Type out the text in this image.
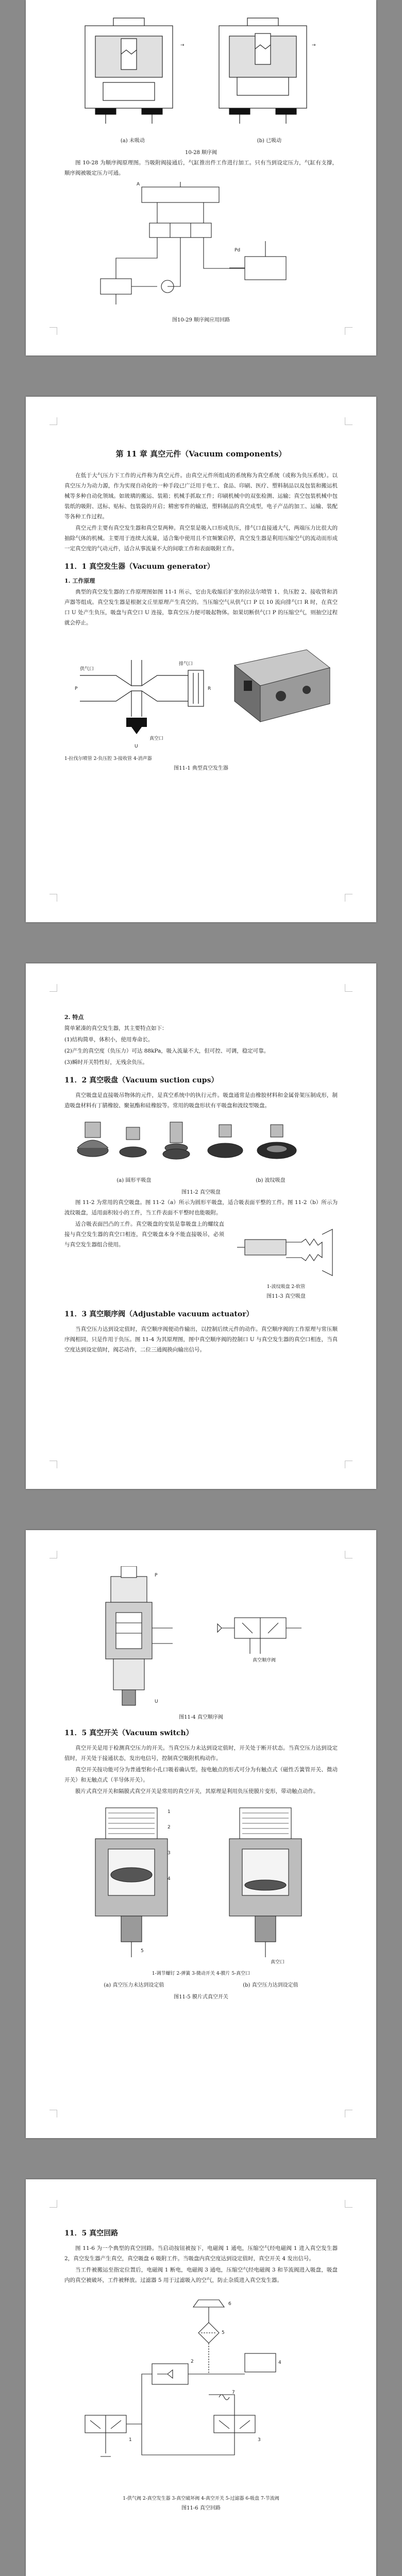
→	→
(a) 未吸动	(b) 已吸动
10-28 顺序阀

图 10-28 为顺序阀原理图。当吸附阀接通后，气缸推出件工作进行加工。只有当到设定压力，气缸有支撑，顺序阀被吸定压力可通。

A
Pd
图10-29 顺序阀应用回路
第 11 章 真空元件（Vacuum components）

在低于大气压力下工作的元件称为真空元件。由真空元件所组成的系统称为真空系统（或称为负压系统）。以真空压力为动力源，作为实现自动化的一种手段已广泛用于电工、食品、印刷、医疗、塑料制品以及包装和搬运机械等多种自动化领域。如玻璃的搬运、装箱；机械手抓取工件；印刷机械中的双张检测、运输；真空包装机械中包装纸的吸附、送标、贴标、包装袋的开启；精密零件的输送，塑料制品的真空成型，电子产品的加工、运输、装配等各种工作过程。

真空元件主要有真空发生器和真空泵两种。真空泵是吸入口形成负压，排气口直接通大气，两端压力比很大的抽除气体的机械。主要用于连续大流量，适合集中使用且不宜频繁启停，真空发生器是利用压缩空气的流动而形成一定真空度的气动元件，适合从事流量不大的间歇工作和表面吸附工作。

11．1 真空发生器（Vacuum generator）
1. 工作原理

典型的真空发生器的工作原理图如图 11-1 所示，它由先收缩后扩张的拉法尔喷管 1、负压腔 2、接收管和消声器等组成。真空发生器是根据文丘里原理产生真空的。当压缩空气从供气口 P 以 10 流向排气口 R 时，在真空口 U 处产生负压，吸盘与真空口 U 连接，靠真空压力便可吸起物体。如果切断供气口 P 的压缩空气，则抽空过程就会停止。

供气口
排气口
真空口
P	R
U
1-拉伐尔喷管 2-负压腔 3-接收管 4-消声器
图11-1 典型真空发生器
2. 特点

简单紧凑的真空发生器，其主要特点如下：

(1)结构简单，体积小，使用寿命长。

(2)产生的真空度（负压力）可达 88kPa，吸入流量不大，但可控、可调，稳定可靠。

(3)瞬时开关特性好，无残余负压。

11．2 真空吸盘（Vacuum suction cups）

真空吸盘是直接吸吊物体的元件，是真空系统中的执行元件。吸盘通常是由橡胶材料和金属骨架压制成形，制造吸盘材料有丁腈橡胶、聚氨酯和硅橡胶等。常用的吸盘形状有平吸盘和波纹型吸盘。

(a) 圆形平吸盘	(b) 波纹吸盘
图11-2 真空吸盘

图 11-2 为常用的真空吸盘。图 11-2（a）所示为圆形平吸盘，适合吸表面平整的工件。图 11-2（b）所示为波纹吸盘，适用面积较小的工件，当工件表面不平整时也能吸附。

适合吸表面凹凸的工件。真空吸盘的安装是靠吸盘上的螺纹直接与真空发生器的真空口相连，真空吸盘本身不能直接吸吊，必须与真空发生器组合使用。

1-波纹吸盘 2-软管
图11-3 真空吸盘
11．3 真空顺序阀（Adjustable vacuum actuator）

当真空压力达到设定值时，真空顺序阀便动作输出，以控制后续元件的动作。真空顺序阀的工作原理与常压顺序阀相同，只是作用于负压。图 11-4 为其原理图，图中真空顺序阀的控制口 U 与真空发生器的真空口相连，当真空度达到设定值时，阀芯动作，二位三通阀换向输出信号。

P
U
真空顺序阀
图11-4 真空顺序阀
11．5 真空开关（Vacuum switch）

真空开关是用于检测真空压力的开关。当真空压力未达到设定值时，开关处于断开状态。当真空压力达到设定值时，开关处于接通状态，发出电信号，控制真空吸附机构动作。

真空开关按功能可分为普通型和小孔口吸着确认型。按电触点的形式可分为有触点式（磁性舌簧管开关、微动开关）和无触点式（半导体开关）。

膜片式真空开关和隔膜式真空开关是常用的真空开关，其原理是利用负压使膜片变形，带动触点动作。

1
2
3
4
5
真空口
1-调节螺钉 2-弹簧 3-微动开关 4-膜片 5-真空口
(a) 真空压力未达到设定值	(b) 真空压力达到设定值
图11-5 膜片式真空开关
11．5 真空回路

图 11-6 为一个典型的真空回路。当启动按钮被按下，电磁阀 1 通电，压缩空气经电磁阀 1 进入真空发生器 2，真空发生器产生真空，真空吸盘 6 吸附工件。当吸盘内真空度达到设定值时，真空开关 4 发出信号。

当工件被搬运至指定位置后，电磁阀 1 断电，电磁阀 3 通电，压缩空气经电磁阀 3 和节流阀进入吸盘，吸盘内的真空被破坏，工件被释放。过滤器 5 用于过滤吸入的空气，防止杂质进入真空发生器。

1
2
3
4
5
6
7
1-供气阀 2-真空发生器 3-真空破坏阀 4-真空开关 5-过滤器 6-吸盘 7-节流阀
图11-6 真空回路
